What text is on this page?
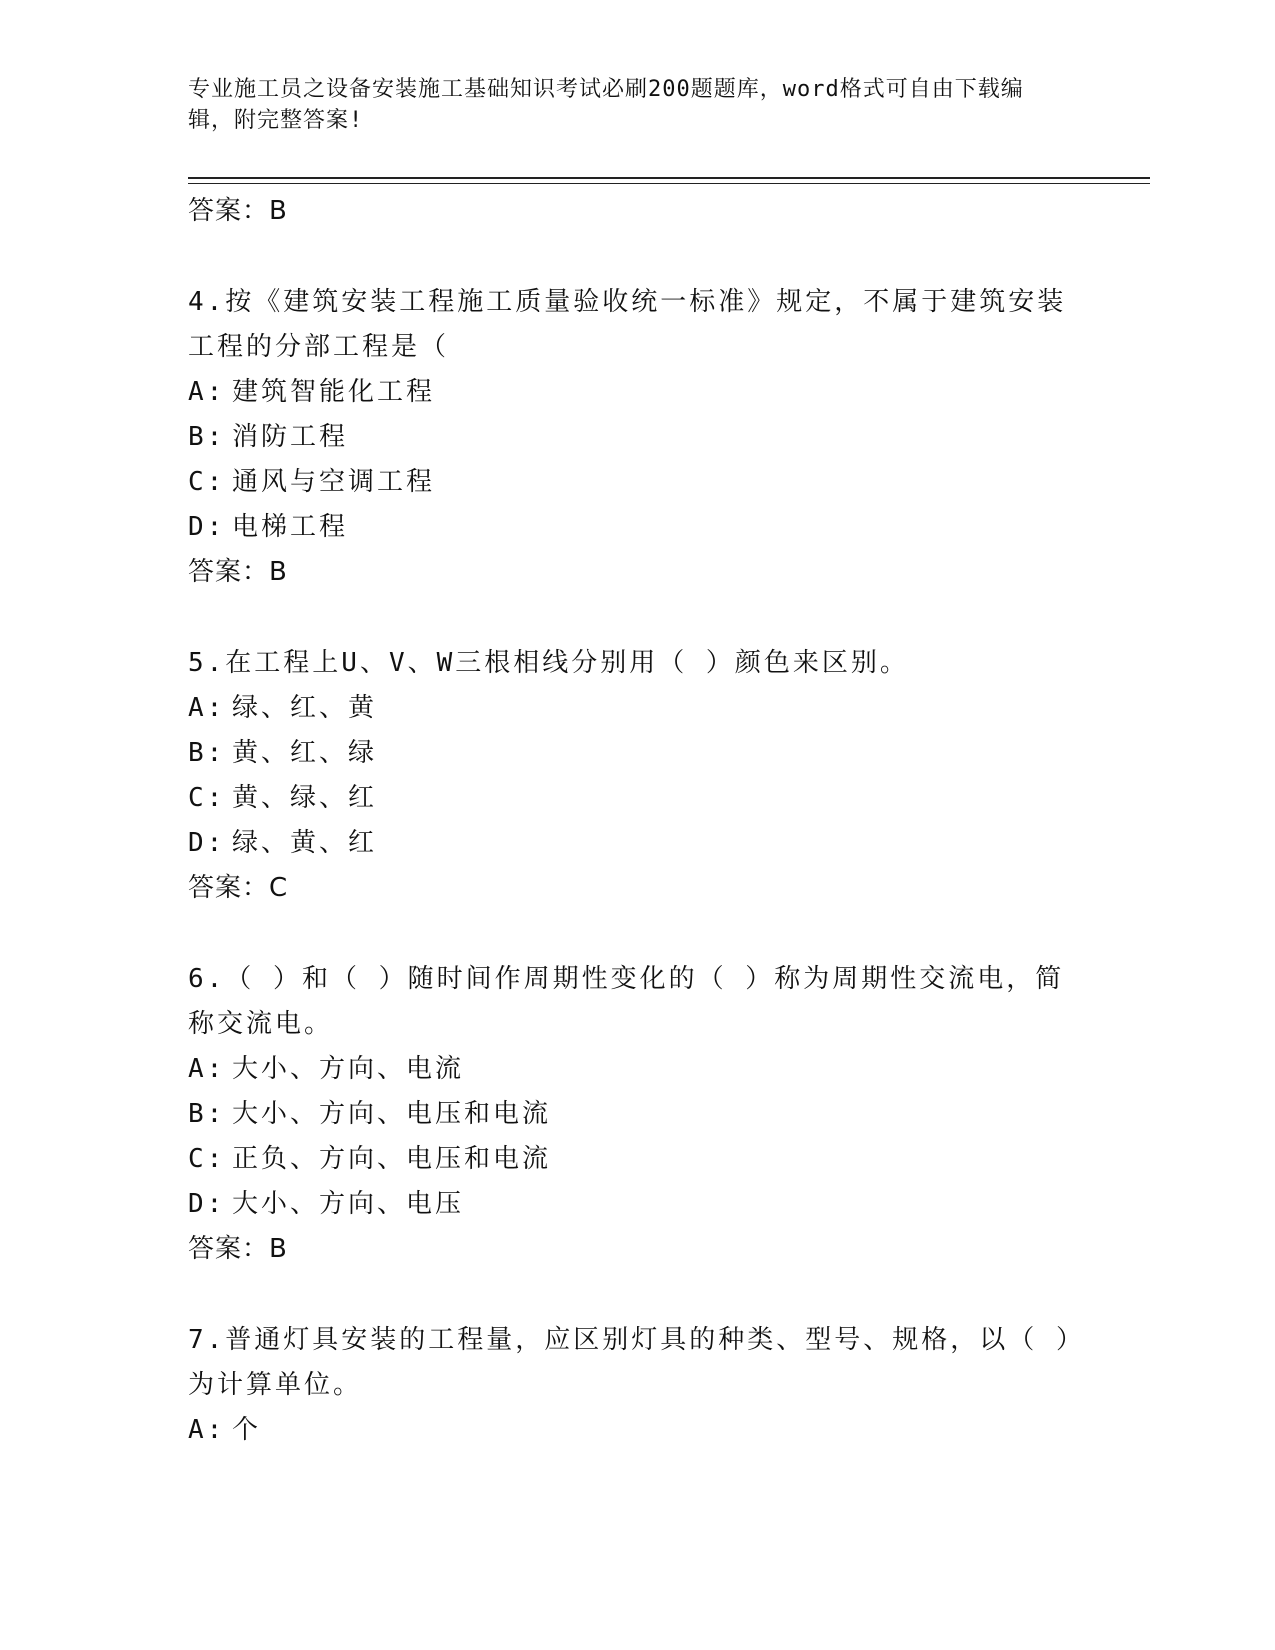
专业施工员之设备安装施工基础知识考试必刷200题题库，word格式可自由下载编辑，附完整答案!
答案：B
4.按《建筑安装工程施工质量验收统一标准》规定，不属于建筑安装工程的分部工程是（
A: 建筑智能化工程
B: 消防工程
C: 通风与空调工程
D: 电梯工程
答案：B
5.在工程上U、V、W三根相线分别用（ ）颜色来区别。
A: 绿、红、黄
B: 黄、红、绿
C: 黄、绿、红
D: 绿、黄、红
答案：C
6.（ ）和（ ）随时间作周期性变化的（ ）称为周期性交流电，简称交流电。
A: 大小、方向、电流
B: 大小、方向、电压和电流
C: 正负、方向、电压和电流
D: 大小、方向、电压
答案：B
7.普通灯具安装的工程量，应区别灯具的种类、型号、规格，以（ ）为计算单位。
A: 个
